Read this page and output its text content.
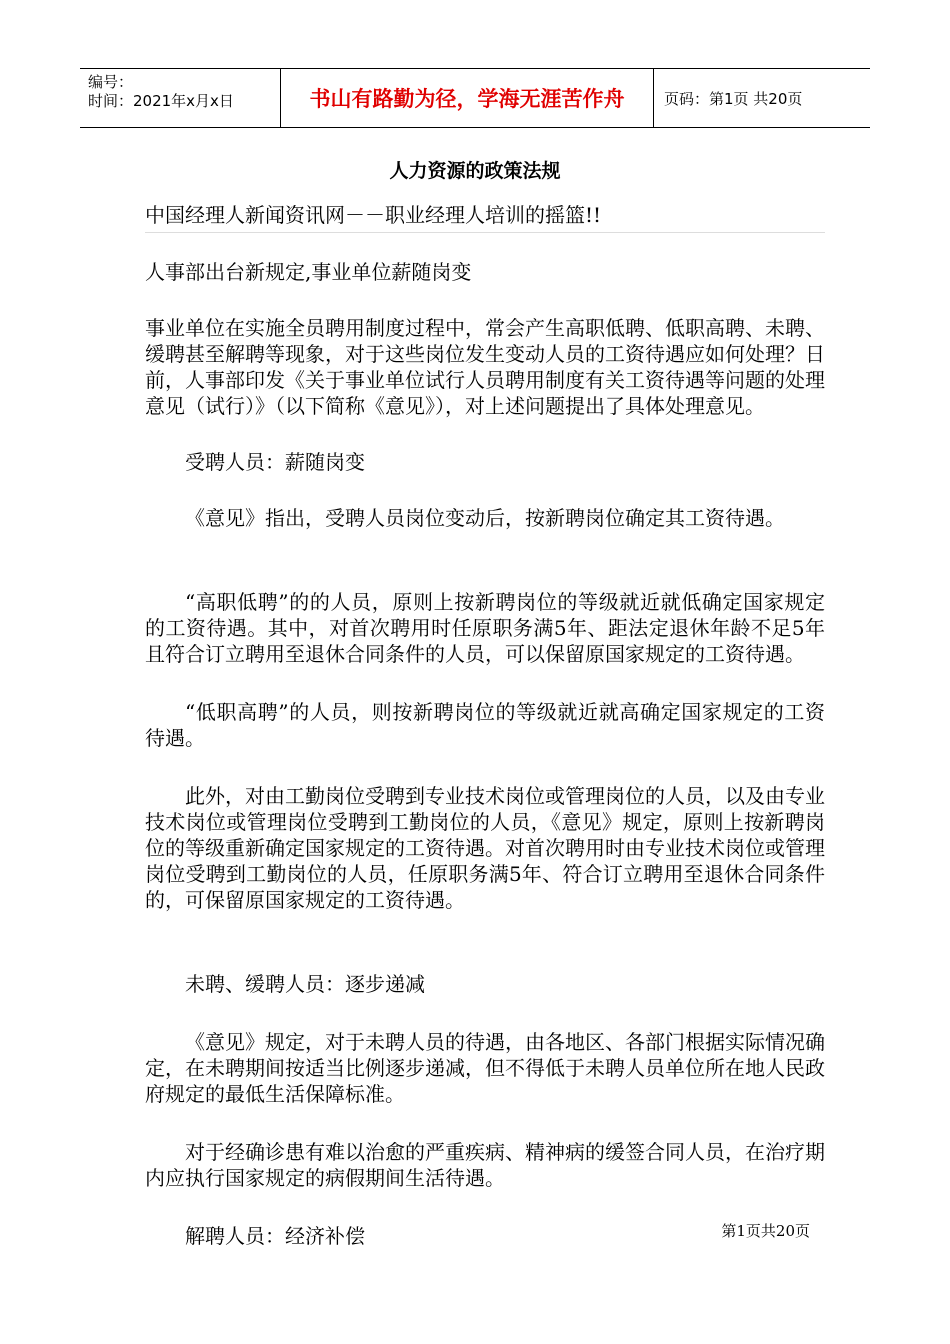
编号：
时间：2021年x月x日	书山有路勤为径，学海无涯苦作舟	页码：第1页 共20页
人力资源的政策法规

中国经理人新闻资讯网－－职业经理人培训的摇篮!!

人事部出台新规定,事业单位薪随岗变

事业单位在实施全员聘用制度过程中，常会产生高职低聘、低职高聘、未聘、缓聘甚至解聘等现象，对于这些岗位发生变动人员的工资待遇应如何处理？日前，人事部印发《关于事业单位试行人员聘用制度有关工资待遇等问题的处理意见（试行）》（以下简称《意见》），对上述问题提出了具体处理意见。

受聘人员：薪随岗变

《意见》指出，受聘人员岗位变动后，按新聘岗位确定其工资待遇。

“高职低聘”的的人员，原则上按新聘岗位的等级就近就低确定国家规定的工资待遇。其中，对首次聘用时任原职务满5年、距法定退休年龄不足5年且符合订立聘用至退休合同条件的人员，可以保留原国家规定的工资待遇。

“低职高聘”的人员，则按新聘岗位的等级就近就高确定国家规定的工资待遇。

此外，对由工勤岗位受聘到专业技术岗位或管理岗位的人员，以及由专业技术岗位或管理岗位受聘到工勤岗位的人员，《意见》规定，原则上按新聘岗位的等级重新确定国家规定的工资待遇。对首次聘用时由专业技术岗位或管理岗位受聘到工勤岗位的人员，任原职务满5年、符合订立聘用至退休合同条件的，可保留原国家规定的工资待遇。

未聘、缓聘人员：逐步递减

《意见》规定，对于未聘人员的待遇，由各地区、各部门根据实际情况确定，在未聘期间按适当比例逐步递减，但不得低于未聘人员单位所在地人民政府规定的最低生活保障标准。

对于经确诊患有难以治愈的严重疾病、精神病的缓签合同人员，在治疗期内应执行国家规定的病假期间生活待遇。

解聘人员：经济补偿	第1页共20页
